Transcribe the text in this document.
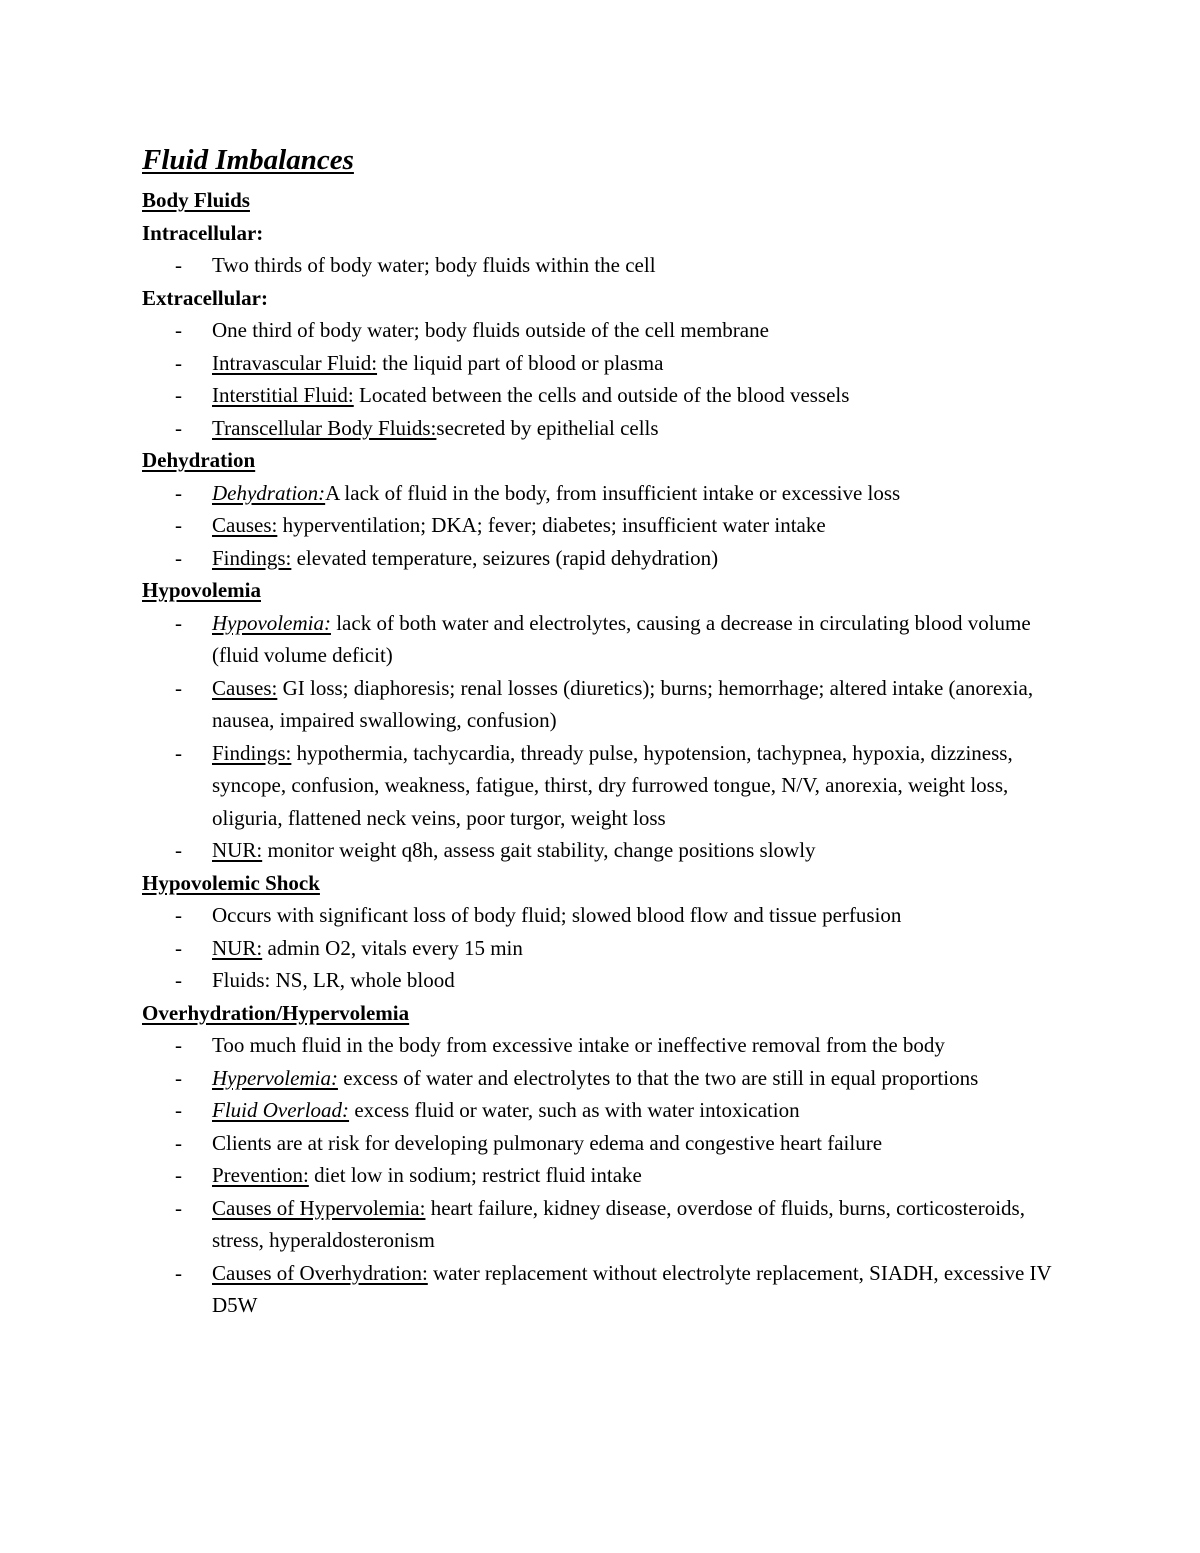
Fluid Imbalances
Body Fluids
Intracellular:
- Two thirds of body water; body fluids within the cell
Extracellular:
- One third of body water; body fluids outside of the cell membrane
- Intravascular Fluid: the liquid part of blood or plasma
- Interstitial Fluid: Located between the cells and outside of the blood vessels
- Transcellular Body Fluids:secreted by epithelial cells
Dehydration
- Dehydration:A lack of fluid in the body, from insufficient intake or excessive loss
- Causes: hyperventilation; DKA; fever; diabetes; insufficient water intake
- Findings: elevated temperature, seizures (rapid dehydration)
Hypovolemia
- Hypovolemia: lack of both water and electrolytes, causing a decrease in circulating blood volume (fluid volume deficit)
- Causes: GI loss; diaphoresis; renal losses (diuretics); burns; hemorrhage; altered intake (anorexia, nausea, impaired swallowing, confusion)
- Findings: hypothermia, tachycardia, thready pulse, hypotension, tachypnea, hypoxia, dizziness, syncope, confusion, weakness, fatigue, thirst, dry furrowed tongue, N/V, anorexia, weight loss, oliguria, flattened neck veins, poor turgor, weight loss
- NUR: monitor weight q8h, assess gait stability, change positions slowly
Hypovolemic Shock
- Occurs with significant loss of body fluid; slowed blood flow and tissue perfusion
- NUR: admin O2, vitals every 15 min
- Fluids: NS, LR, whole blood
Overhydration/Hypervolemia
- Too much fluid in the body from excessive intake or ineffective removal from the body
- Hypervolemia: excess of water and electrolytes to that the two are still in equal proportions
- Fluid Overload: excess fluid or water, such as with water intoxication
- Clients are at risk for developing pulmonary edema and congestive heart failure
- Prevention: diet low in sodium; restrict fluid intake
- Causes of Hypervolemia: heart failure, kidney disease, overdose of fluids, burns, corticosteroids, stress, hyperaldosteronism
- Causes of Overhydration: water replacement without electrolyte replacement, SIADH, excessive IV D5W
